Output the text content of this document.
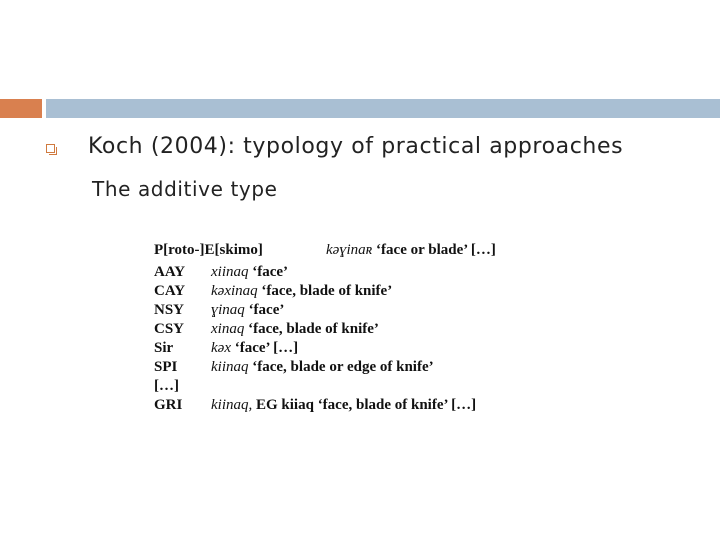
Koch (2004): typology of practical approaches
The additive type
P[roto-]E[skimo]	kəɣinaʀ ‘face or blade’ […]
AAY xiinaq ‘face’
CAY kəxinaq ‘face, blade of knife’
NSY ɣinaq ‘face’
CSY xinaq ‘face, blade of knife’
Sir	kəx ‘face’ […]
SPI kiinaq ‘face, blade or edge of knife’
[…]
GRI kiinaq, EG kiiaq ‘face, blade of knife’ […]
